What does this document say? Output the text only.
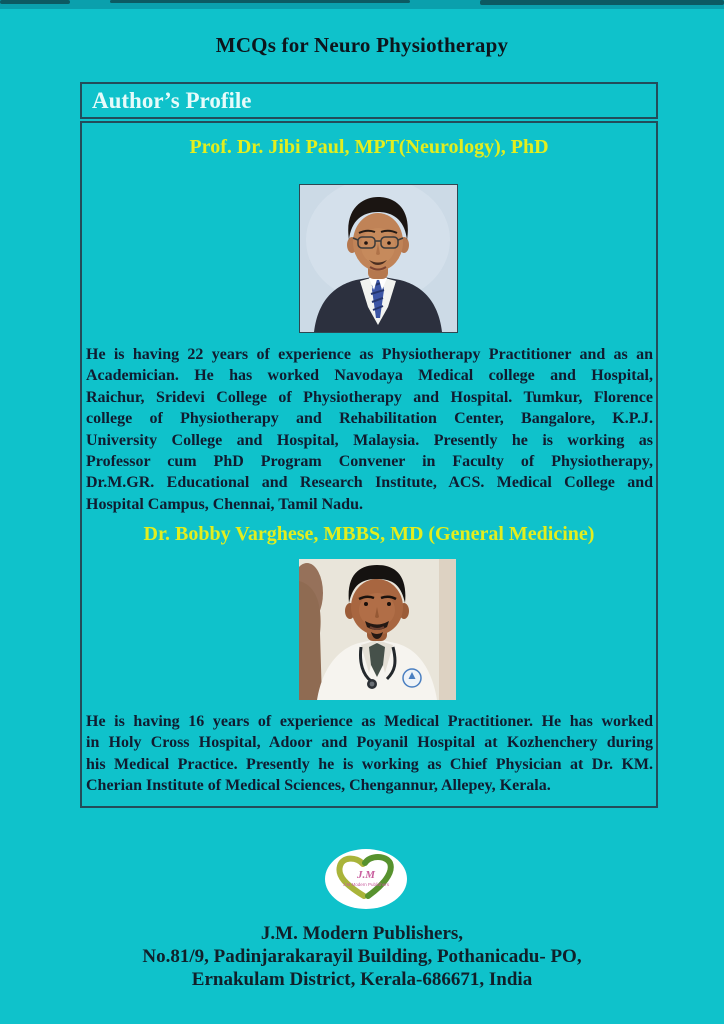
MCQs for Neuro Physiotherapy
Author’s Profile
Prof. Dr. Jibi Paul, MPT(Neurology), PhD
He is having 22 years of experience as Physiotherapy Practitioner and as an
Academician. He has worked Navodaya Medical college and Hospital,
Raichur, Sridevi College of Physiotherapy and Hospital. Tumkur, Florence
college of Physiotherapy and Rehabilitation Center, Bangalore, K.P.J.
University College and Hospital, Malaysia. Presently he is working as
Professor cum PhD Program Convener in Faculty of Physiotherapy,
Dr.M.GR. Educational and Research Institute, ACS. Medical College and
Hospital Campus, Chennai, Tamil Nadu.
Dr. Bobby Varghese, MBBS, MD (General Medicine)
He is having 16 years of experience as Medical Practitioner. He has worked
in Holy Cross Hospital, Adoor and Poyanil Hospital at Kozhenchery during
his Medical Practice. Presently he is working as Chief Physician at Dr. KM.
Cherian Institute of Medical Sciences, Chengannur, Allepey, Kerala.
J.M
J.M Modern Publishers
J.M. Modern Publishers,
No.81/9, Padinjarakarayil Building, Pothanicadu- PO,
Ernakulam District, Kerala-686671, India
